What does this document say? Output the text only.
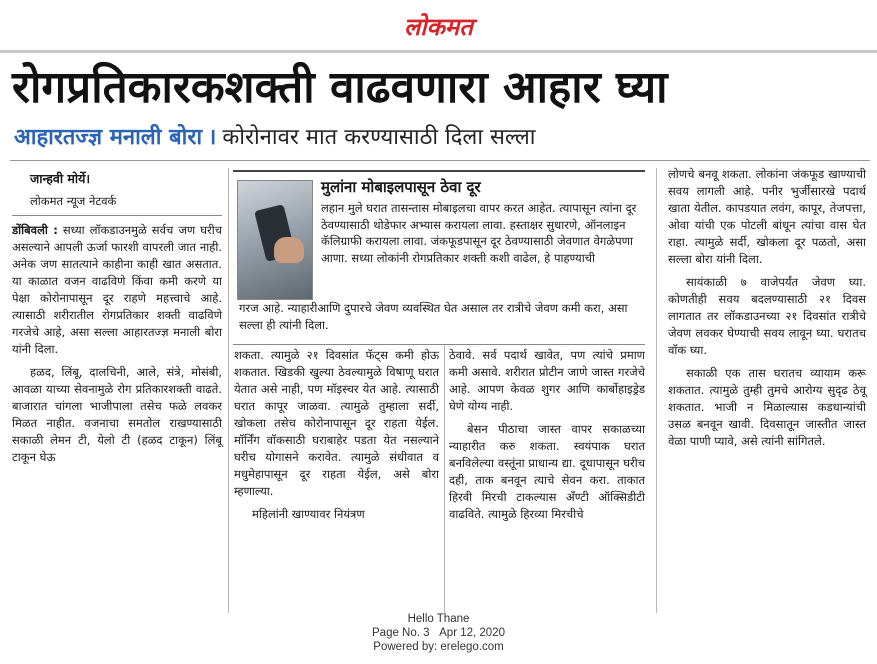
लोकमत
रोगप्रतिकारकशक्ती वाढवणारा आहार घ्या
आहारतज्ज्ञ मनाली बोरा । कोरोनावर मात करण्यासाठी दिला सल्ला

जान्हवी मोर्ये।

लोकमत न्यूज नेटवर्क

डोंबिवली : सध्या लॉकडाउनमुळे सर्वच जण घरीच असल्याने आपली ऊर्जा फारशी वापरली जात नाही. अनेक जण सातत्याने काहीना काही खात असतात. या काळात वजन वाढविणे किंवा कमी करणे या पेक्षा कोरोनापासून दूर राहणे महत्त्वाचे आहे. त्यासाठी शरीरातील रोगप्रतिकार शक्ती वाढविणे गरजेचे आहे, असा सल्ला आहारतज्ज्ञ मनाली बोरा यांनी दिला.

हळद, लिंबू, दालचिनी, आले, संत्रे, मोसंबी, आवळा याच्या सेवनामुळे रोग प्रतिकारशक्ती वाढते. बाजारात चांगला भाजीपाला तसेच फळे लवकर मिळत नाहीत. वजनाचा समतोल राखण्यासाठी सकाळी लेमन टी, येलो टी (हळद टाकून) लिंबू टाकून घेऊ

मुलांना मोबाइलपासून ठेवा दूर

लहान मुले घरात तासन्तास मोबाइलचा वापर करत आहेत. त्यापासून त्यांना दूर ठेवण्यासाठी थोडेफार अभ्यास करायला लावा. हस्ताक्षर सुधारणे, ऑनलाइन कॅलिग्राफी करायला लावा. जंकफूडपासून दूर ठेवण्यासाठी जेवणात वेगळेपणा आणा. सध्या लोकांनी रोगप्रतिकार शक्ती कशी वाढेल, हे पाहण्याची

गरज आहे. न्याहारीआणि दुपारचे जेवण व्यवस्थित घेत असाल तर रात्रीचे जेवण कमी करा, असा सल्ला ही त्यांनी दिला.

शकता. त्यामुळे २१ दिवसांत फॅट्स कमी होऊ शकतात. खिडकी खुल्या ठेवल्यामुळे विषाणू घरात येतात असे नाही, पण मॉइस्चर येत आहे. त्यासाठी घरात कापूर जाळवा. त्यामुळे तुम्हाला सर्दी, खोकला तसेच कोरोनापासून दूर राहता येईल. मॉर्निंग वॉकसाठी घराबाहेर पडता येत नसल्याने घरीच योगासने करावेत. त्यामुळे संधीवात व मधुमेहापासून दूर राहता येईल, असे बोरा म्हणाल्या.

महिलांनी खाण्यावर नियंत्रण

ठेवावे. सर्व पदार्थ खावेत, पण त्यांचे प्रमाण कमी असावे. शरीरात प्रोटीन जाणे जास्त गरजेचे आहे. आपण केवळ शुगर आणि कार्बोहाइड्रेड घेणे योग्य नाही.

बेसन पीठाचा जास्त वापर सकाळच्या न्याहारीत करु शकता. स्वयंपाक घरात बनविलेल्या वस्तूंना प्राधान्य द्या. दूधापासून घरीच दही, ताक बनवून त्याचे सेवन करा. ताकात हिरवी मिरची टाकल्यास अँण्टी ऑक्सिडीटी वाढविते. त्यामुळे हिरव्या मिरचीचे

लोणचे बनवू शकता. लोकांना जंकफूड खाण्याची सवय लागली आहे. पनीर भुर्जीसारखे पदार्थ खाता येतील. कापडयात लवंग, कापूर, तेजपत्ता, ओवा यांची एक पोटली बांधून त्यांचा वास घेत राहा. त्यामुळे सर्दी, खोकला दूर पळतो, असा सल्ला बोरा यांनी दिला.

सायंकाळी ७ वाजेपर्यंत जेवण घ्या. कोणतीही सवय बदलण्यासाठी २१ दिवस लागतात तर लॉकडाउनच्या २१ दिवसांत रात्रीचे जेवण लवकर घेण्याची सवय लावून घ्या. घरातच वॉक घ्या.

सकाळी एक तास घरातच व्यायाम करू शकतात. त्यामुळे तुम्ही तुमचे आरोग्य सुदृढ ठेवू शकतात. भाजी न मिळाल्यास कडधान्यांची उसळ बनवून खावी. दिवसातून जास्तीत जास्त वेळा पाणी प्यावे, असे त्यांनी सांगितले.

Hello Thane
Page No. 3 Apr 12, 2020
Powered by: erelego.com
